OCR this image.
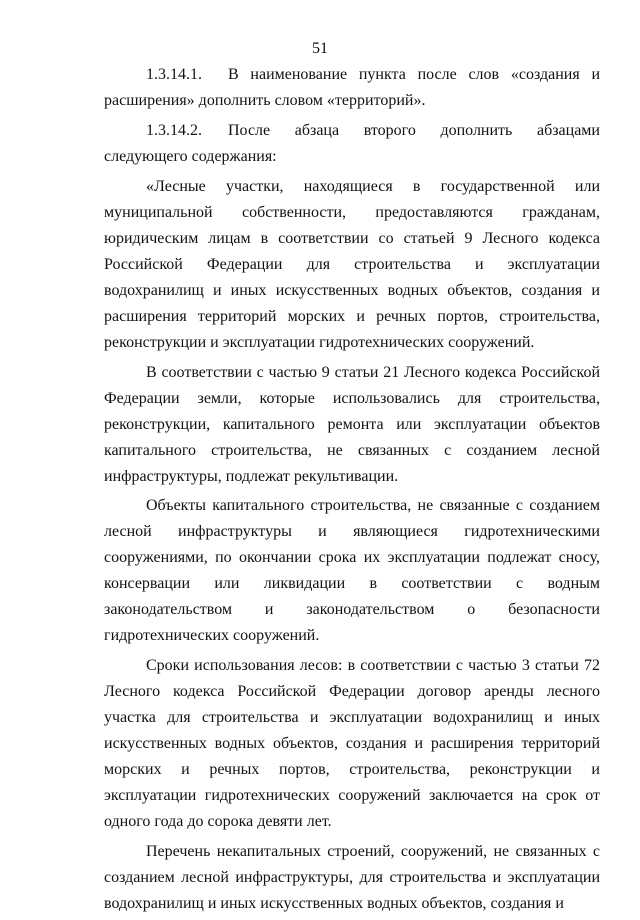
51

1.3.14.1. В наименование пункта после слов «создания и расширения» дополнить словом «территорий».

1.3.14.2. После абзаца второго дополнить абзацами следующего содержания:

«Лесные участки, находящиеся в государственной или муниципальной собственности, предоставляются гражданам, юридическим лицам в соответствии со статьей 9 Лесного кодекса Российской Федерации для строительства и эксплуатации водохранилищ и иных искусственных водных объектов, создания и расширения территорий морских и речных портов, строительства, реконструкции и эксплуатации гидротехнических сооружений.

В соответствии с частью 9 статьи 21 Лесного кодекса Российской Федерации земли, которые использовались для строительства, реконструкции, капитального ремонта или эксплуатации объектов капитального строительства, не связанных с созданием лесной инфраструктуры, подлежат рекультивации.

Объекты капитального строительства, не связанные с созданием лесной инфраструктуры и являющиеся гидротехническими сооружениями, по окончании срока их эксплуатации подлежат сносу, консервации или ликвидации в соответствии с водным законодательством и законодательством о безопасности гидротехнических сооружений.

Сроки использования лесов: в соответствии с частью 3 статьи 72 Лесного кодекса Российской Федерации договор аренды лесного участка для строительства и эксплуатации водохранилищ и иных искусственных водных объектов, создания и расширения территорий морских и речных портов, строительства, реконструкции и эксплуатации гидротехнических сооружений заключается на срок от одного года до сорока девяти лет.

Перечень некапитальных строений, сооружений, не связанных с созданием лесной инфраструктуры, для строительства и эксплуатации водохранилищ и иных искусственных водных объектов, создания и
